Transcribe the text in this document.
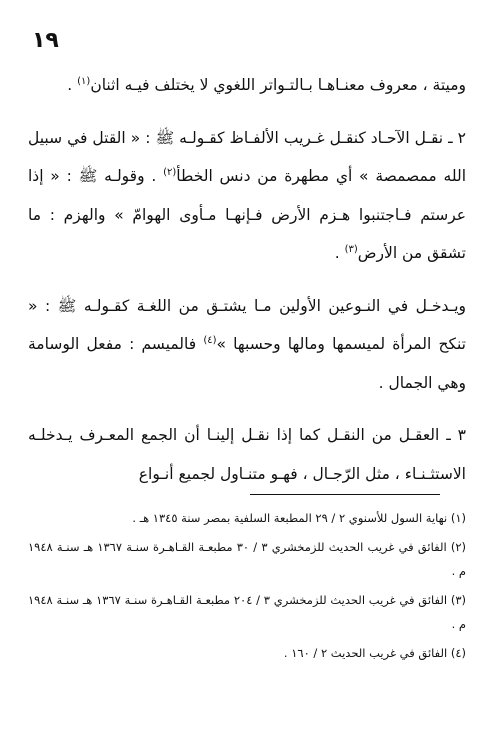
١٩

وميتة ، معروف معنـاهـا بـالتـواتر اللغوي لا يختلف فيـه اثنان$^{(١)}$ .

٢ ـ نقـل الآحـاد كنقـل غـريب الألفـاظ كقـولـه ﷺ : « القتل في سبيل الله ممصمصة » أي مطهرة من دنس الخطأ$^{(٢)}$ . وقولـه ﷺ : « إذا عرستم فـاجتنبوا هـزم الأرض فـإنهـا مـأوى الهوامّ » والهزم : ما تشقق من الأرض$^{(٣)}$ .

ويـدخـل في النـوعين الأولين مـا يشتـق من اللغـة كقـولـه ﷺ : « تنكح المرأة لميسمها ومالها وحسبها »$^{(٤)}$ فالميسم : مفعل الوسامة وهي الجمال .

٣ ـ العقـل من النقـل كما إذا نقـل إلينـا أن الجمع المعـرف يـدخلـه الاستثـنـاء ، مثل الرّجـال ، فهـو متنـاول لجميع أنـواع

(١) نهاية السول للأسنوي ٢ / ٢٩ المطبعة السلفية بمصر سنة ١٣٤٥ هـ .

(٢) الفائق في غريب الحديث للزمخشري ٣ / ٣٠ مطبعـة القـاهـرة سنـة ١٣٦٧ هـ سنـة ١٩٤٨ م .

(٣) الفائق في غريب الحديث للزمخشري ٣ / ٢٠٤ مطبعـة القـاهـرة سنـة ١٣٦٧ هـ سنـة ١٩٤٨ م .

(٤) الفائق في غريب الحديث ٢ / ١٦٠ .
